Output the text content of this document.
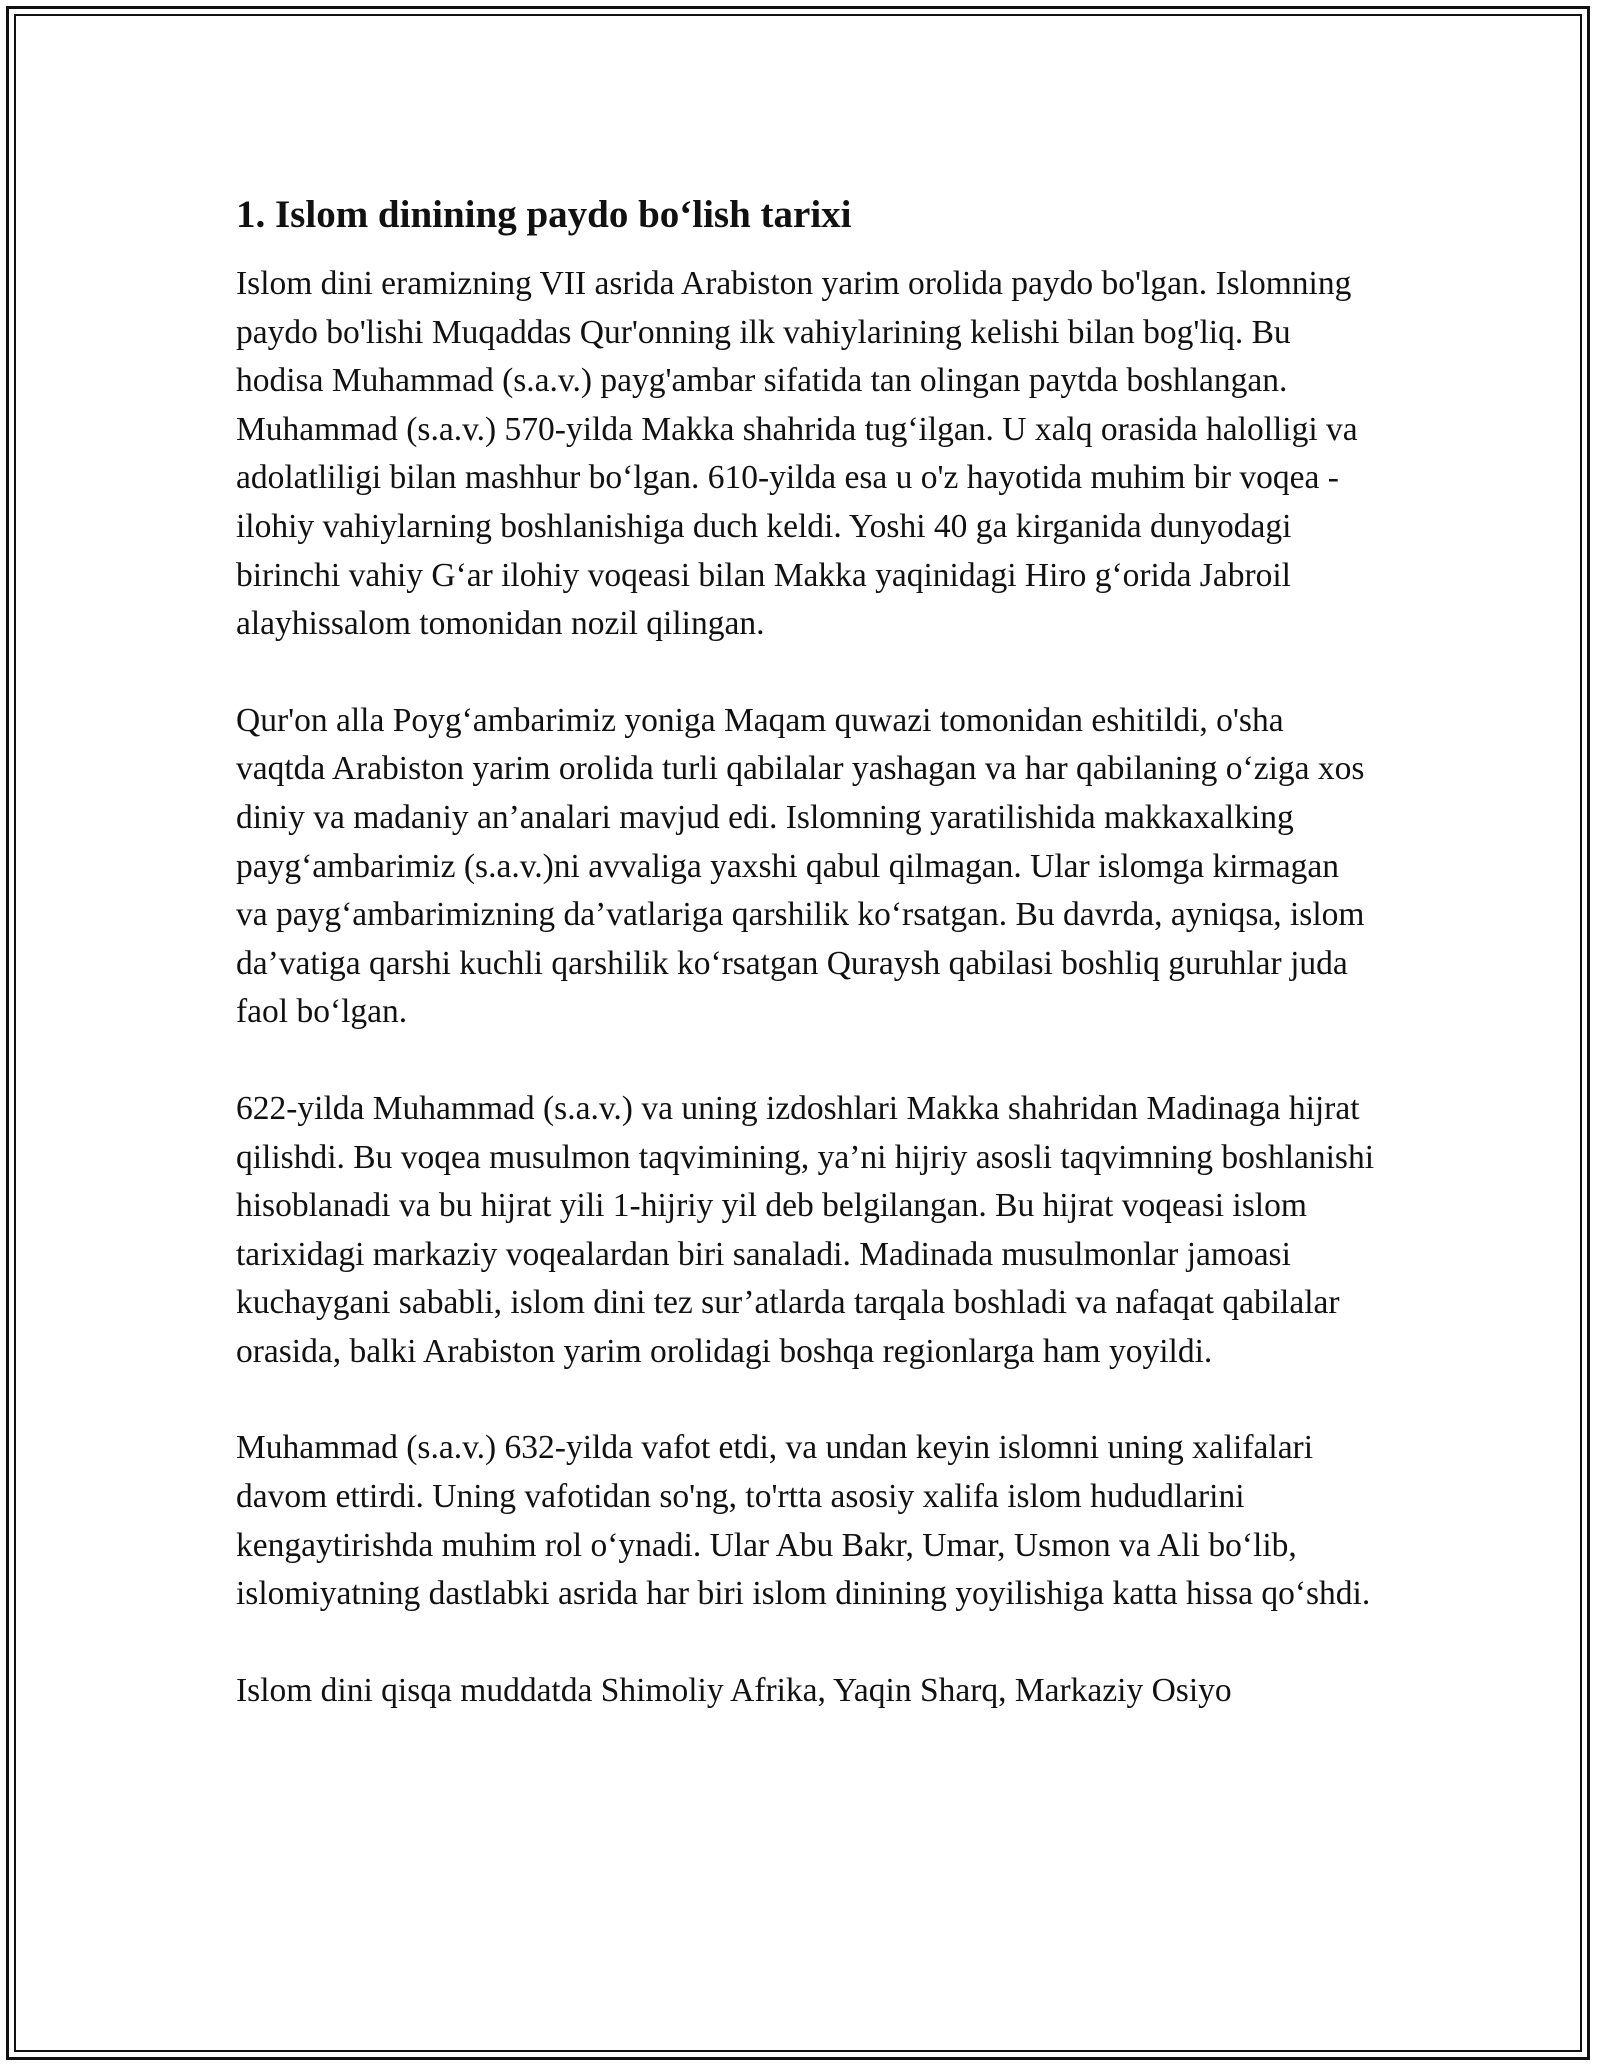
1. Islom dinining paydo bo‘lish tarixi

Islom dini eramizning VII asrida Arabiston yarim orolida paydo bo'lgan. Islomning paydo bo'lishi Muqaddas Qur'onning ilk vahiylarining kelishi bilan bog'liq. Bu hodisa Muhammad (s.a.v.) payg'ambar sifatida tan olingan paytda boshlangan. Muhammad (s.a.v.) 570-yilda Makka shahrida tug‘ilgan. U xalq orasida halolligi va adolatliligi bilan mashhur bo‘lgan. 610-yilda esa u o'z hayotida muhim bir voqea - ilohiy vahiylarning boshlanishiga duch keldi. Yoshi 40 ga kirganida dunyodagi birinchi vahiy G‘ar ilohiy voqeasi bilan Makka yaqinidagi Hiro g‘orida Jabroil alayhissalom tomonidan nozil qilingan.

Qur'on alla Poyg‘ambarimiz yoniga Maqam quwazi tomonidan eshitildi, o'sha vaqtda Arabiston yarim orolida turli qabilalar yashagan va har qabilaning o‘ziga xos diniy va madaniy an’analari mavjud edi. Islomning yaratilishida makkaxalking payg‘ambarimiz (s.a.v.)ni avvaliga yaxshi qabul qilmagan. Ular islomga kirmagan va payg‘ambarimizning da’vatlariga qarshilik ko‘rsatgan. Bu davrda, ayniqsa, islom da’vatiga qarshi kuchli qarshilik ko‘rsatgan Quraysh qabilasi boshliq guruhlar juda faol bo‘lgan.

622-yilda Muhammad (s.a.v.) va uning izdoshlari Makka shahridan Madinaga hijrat qilishdi. Bu voqea musulmon taqvimining, ya’ni hijriy asosli taqvimning boshlanishi hisoblanadi va bu hijrat yili 1-hijriy yil deb belgilangan. Bu hijrat voqeasi islom tarixidagi markaziy voqealardan biri sanaladi. Madinada musulmonlar jamoasi kuchaygani sababli, islom dini tez sur’atlarda tarqala boshladi va nafaqat qabilalar orasida, balki Arabiston yarim orolidagi boshqa regionlarga ham yoyildi.

Muhammad (s.a.v.) 632-yilda vafot etdi, va undan keyin islomni uning xalifalari davom ettirdi. Uning vafotidan so'ng, to'rtta asosiy xalifa islom hududlarini kengaytirishda muhim rol o‘ynadi. Ular Abu Bakr, Umar, Usmon va Ali bo‘lib, islomiyatning dastlabki asrida har biri islom dinining yoyilishiga katta hissa qo‘shdi.

Islom dini qisqa muddatda Shimoliy Afrika, Yaqin Sharq, Markaziy Osiyo
